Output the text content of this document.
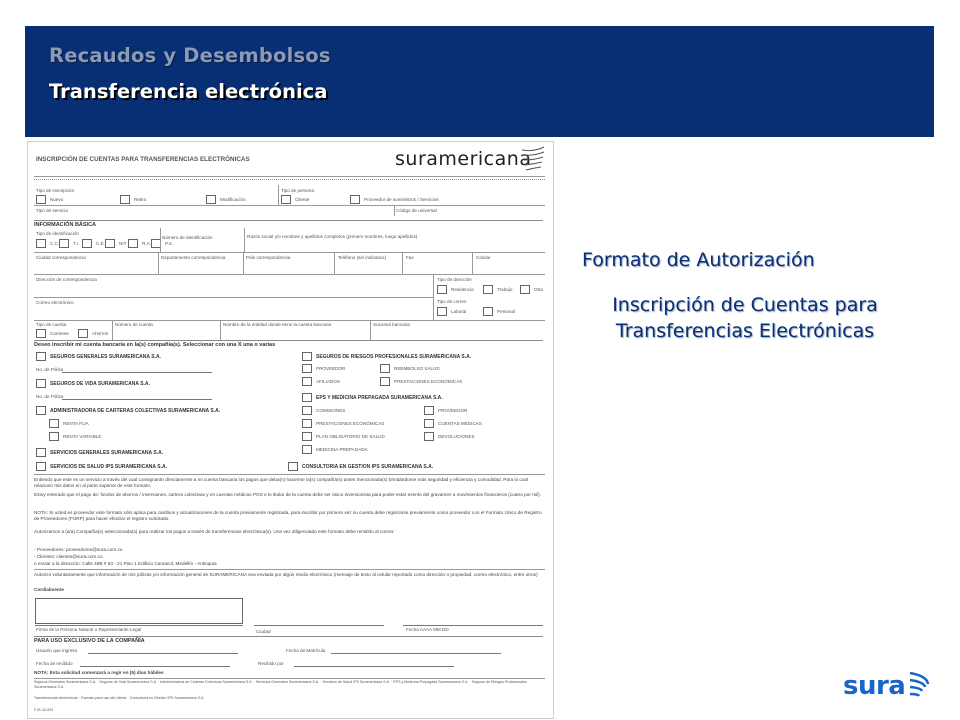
Recaudos y Desembolsos
Transferencia electrónica
INSCRIPCIÓN DE CUENTAS PARA TRANSFERENCIAS ELECTRÓNICAS	suramericana
Tipo de inscripción
Nuevo	Retiro	Modificación
Tipo de persona
Cliente	Proveedor de suministros / Servicios
Tipo de servicio	Código de universal
INFORMACIÓN BÁSICA
Tipo de identificación
C.C.	T.I.	C.E.	NIT	R.A.	P.S.
Número de identificación	Razón social y/o nombres y apellidos completos (primero nombres, luego apellidos)
Ciudad correspondencia	Departamento correspondencia	País correspondencia	Teléfono (sin indicativo)	Fax	Celular
Dirección de correspondencia	Tipo de dirección
Residencia	Trabajo	Otra
Correo electrónico	Tipo de correo
Laboral	Personal
Tipo de cuenta
Corriente	Ahorros
Número de cuenta	Nombre de la entidad donde tiene la cuenta bancaria	Sucursal bancaria
Deseo inscribir mi cuenta bancaria en la(s) compañía(s). Seleccionar con una X una o varias
SEGUROS GENERALES SURAMERICANA S.A.
No. de Póliza
SEGUROS DE VIDA SURAMERICANA S.A.
No. de Póliza
ADMINISTRADORA DE CARTERAS COLECTIVAS SURAMERICANA S.A.
RENTA FIJA
RENTA VARIABLE
SERVICIOS GENERALES SURAMERICANA S.A.
SERVICIOS DE SALUD IPS SURAMERICANA S.A.
SEGUROS DE RIESGOS PROFESIONALES SURAMERICANA S.A.
PROVEEDOR	REEMBOLSO SALUD
AFILIADOS	PRESTACIONES ECONÓMICAS
EPS Y MEDICINA PREPAGADA SURAMERICANA S.A.
COMISIONES	PROVEEDOR
PRESTACIONES ECONÓMICAS	CUENTAS MÉDICAS
PLAN OBLIGATORIO DE SALUD	DEVOLUCIONES
MEDICINA PREPAGADA
CONSULTORIA EN GESTION IPS SURAMERICANA S.A.
Entiendo que este es un servicio a través del cual consignarán directamente a mi cuenta bancaria los pagos que deba(n) hacerme la(s) compañía(s) antes mencionada(s) brindándome más seguridad y eficiencia y comodidad. Para lo cual relaciono mis datos en al parte superior de este formato.
Estoy enterado que el pago de: fondos de ahorros / inversiones, cartera colectivas y en cuentas médicas POS e lo titular de la cuenta debe ser único inversionista para poder estar exento del gravamen a movimientos financieros (cuatro por mil).
NOTA: Si usted es proveedor este formato sólo aplica para cambios y actualizaciones de la cuenta previamente registrada, para inscribir por primera vez su cuenta debe registrarse previamente como proveedor con el Formato Único de Registro de Proveedores (FURP) para hacer efectivo el registro solicitado.
Autorizamos a (a/a) Compañía(s) seleccionada(s) para realizar los pagos a través de transferencias electrónica(s). Una vez diligenciado este formato debe remitirlo al correo:
- Proveedores: proveedores@sura.com.co
- Clientes: clientes@sura.com.co
o enviar a la dirección: Calle 49B # 63 - 21 Piso 1 Edificio Camacol, Medellín - Antioquia
Autorizo voluntariamente que información de mis pólizas y/o información general de SURAMERICANA sea enviada por algún medio electrónico (mensaje de texto al celular reportado como dirección o propiedad, correo electrónico, entre otros)
Cordialmente
Firma de la Persona Natural o Representante Legal	Ciudad	Fecha AAAA MM DD
PARA USO EXCLUSIVO DE LA COMPAÑÍA
Usuario que ingresa	Fecha de Matrícula
Fecha de recibido	Recibido por
NOTA: Esta solicitud comenzará a regir en (5) días hábiles
Seguros Generales Suramericana S.A. · Seguros de Vida Suramericana S.A. · Administradora de Carteras Colectivas Suramericana S.A. · Servicios Generales Suramericana S.A. · Servicios de Salud IPS Suramericana S.A. · EPS y Medicina Prepagada Suramericana S.A. · Seguros de Riesgos Profesionales Suramericana S.A.
Transferencias electrónicas · Formato para uso del cliente · Consultoría en Gestión IPS Suramericana S.A.
F-IE-42-003
Formato de Autorización
Inscripción de Cuentas para
Transferencias Electrónicas
sura
